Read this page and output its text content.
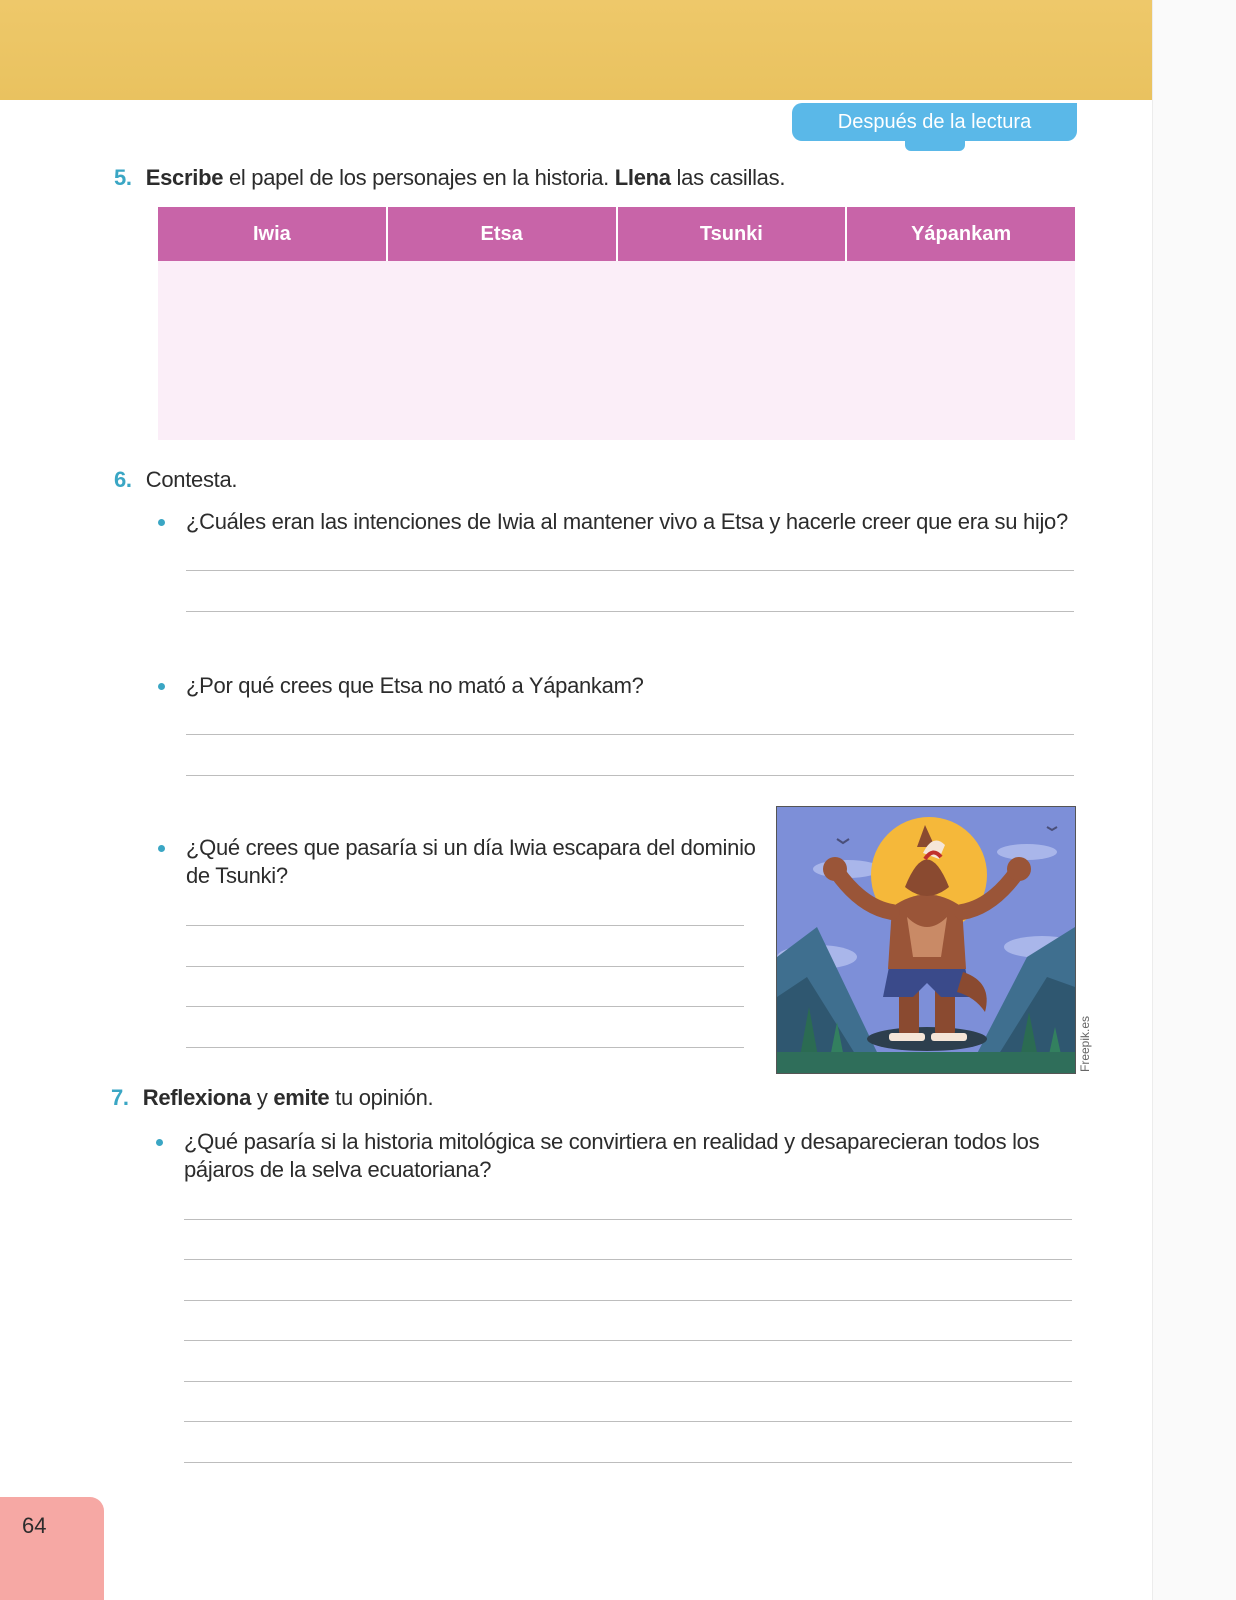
Después de la lectura
5. Escribe el papel de los personajes en la historia. Llena las casillas.
Iwia	Etsa	Tsunki	Yápankam
6. Contesta.
¿Cuáles eran las intenciones de Iwia al mantener vivo a Etsa y hacerle creer que era su hijo?
¿Por qué crees que Etsa no mató a Yápankam?
¿Qué crees que pasaría si un día Iwia escapara del dominio
de Tsunki?
Freepik.es
7. Reflexiona y emite tu opinión.
¿Qué pasaría si la historia mitológica se convirtiera en realidad y desaparecieran todos los
pájaros de la selva ecuatoriana?
64
